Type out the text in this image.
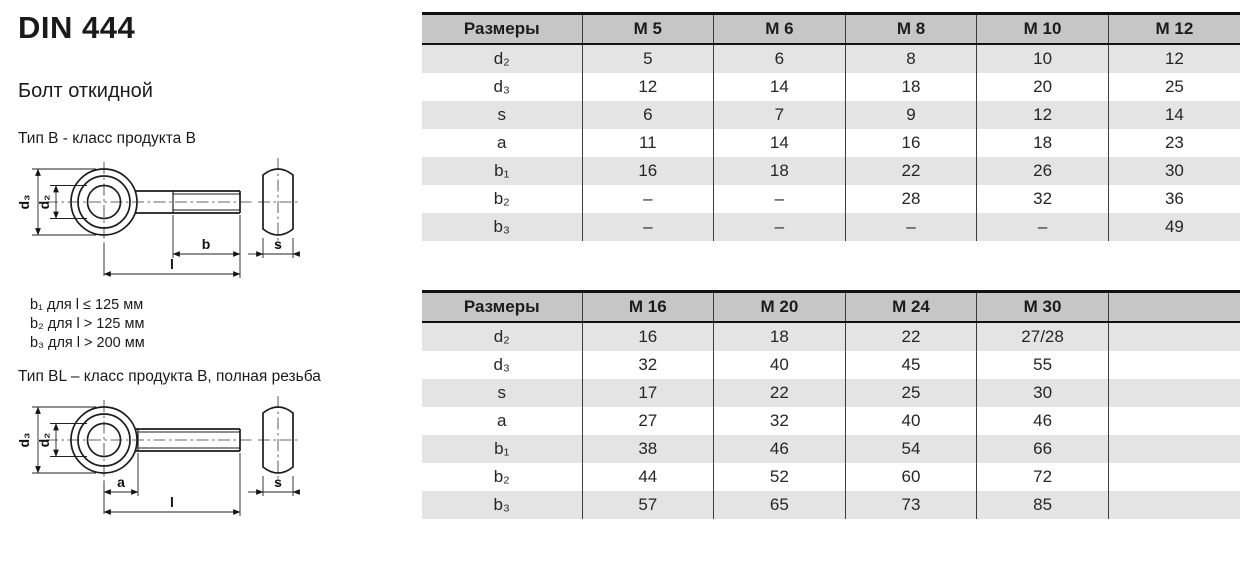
DIN 444
Болт откидной
Тип B - класс продукта B
d₃ d₂
b
l
s
b₁ для l ≤ 125 мм
b₂ для l > 125 мм
b₃ для l > 200 мм
Тип BL – класс продукта B, полная резьба
d₃ d₂
a
l
s
Размеры	M 5	M 6	M 8	M 10	M 12
d₂	5	6	8	10	12
d₃	12	14	18	20	25
s	6	7	9	12	14
a	11	14	16	18	23
b₁	16	18	22	26	30
b₂	–	–	28	32	36
b₃	–	–	–	–	49
Размеры	M 16	M 20	M 24	M 30	
d₂	16	18	22	27/28	
d₃	32	40	45	55	
s	17	22	25	30	
a	27	32	40	46	
b₁	38	46	54	66	
b₂	44	52	60	72	
b₃	57	65	73	85	
